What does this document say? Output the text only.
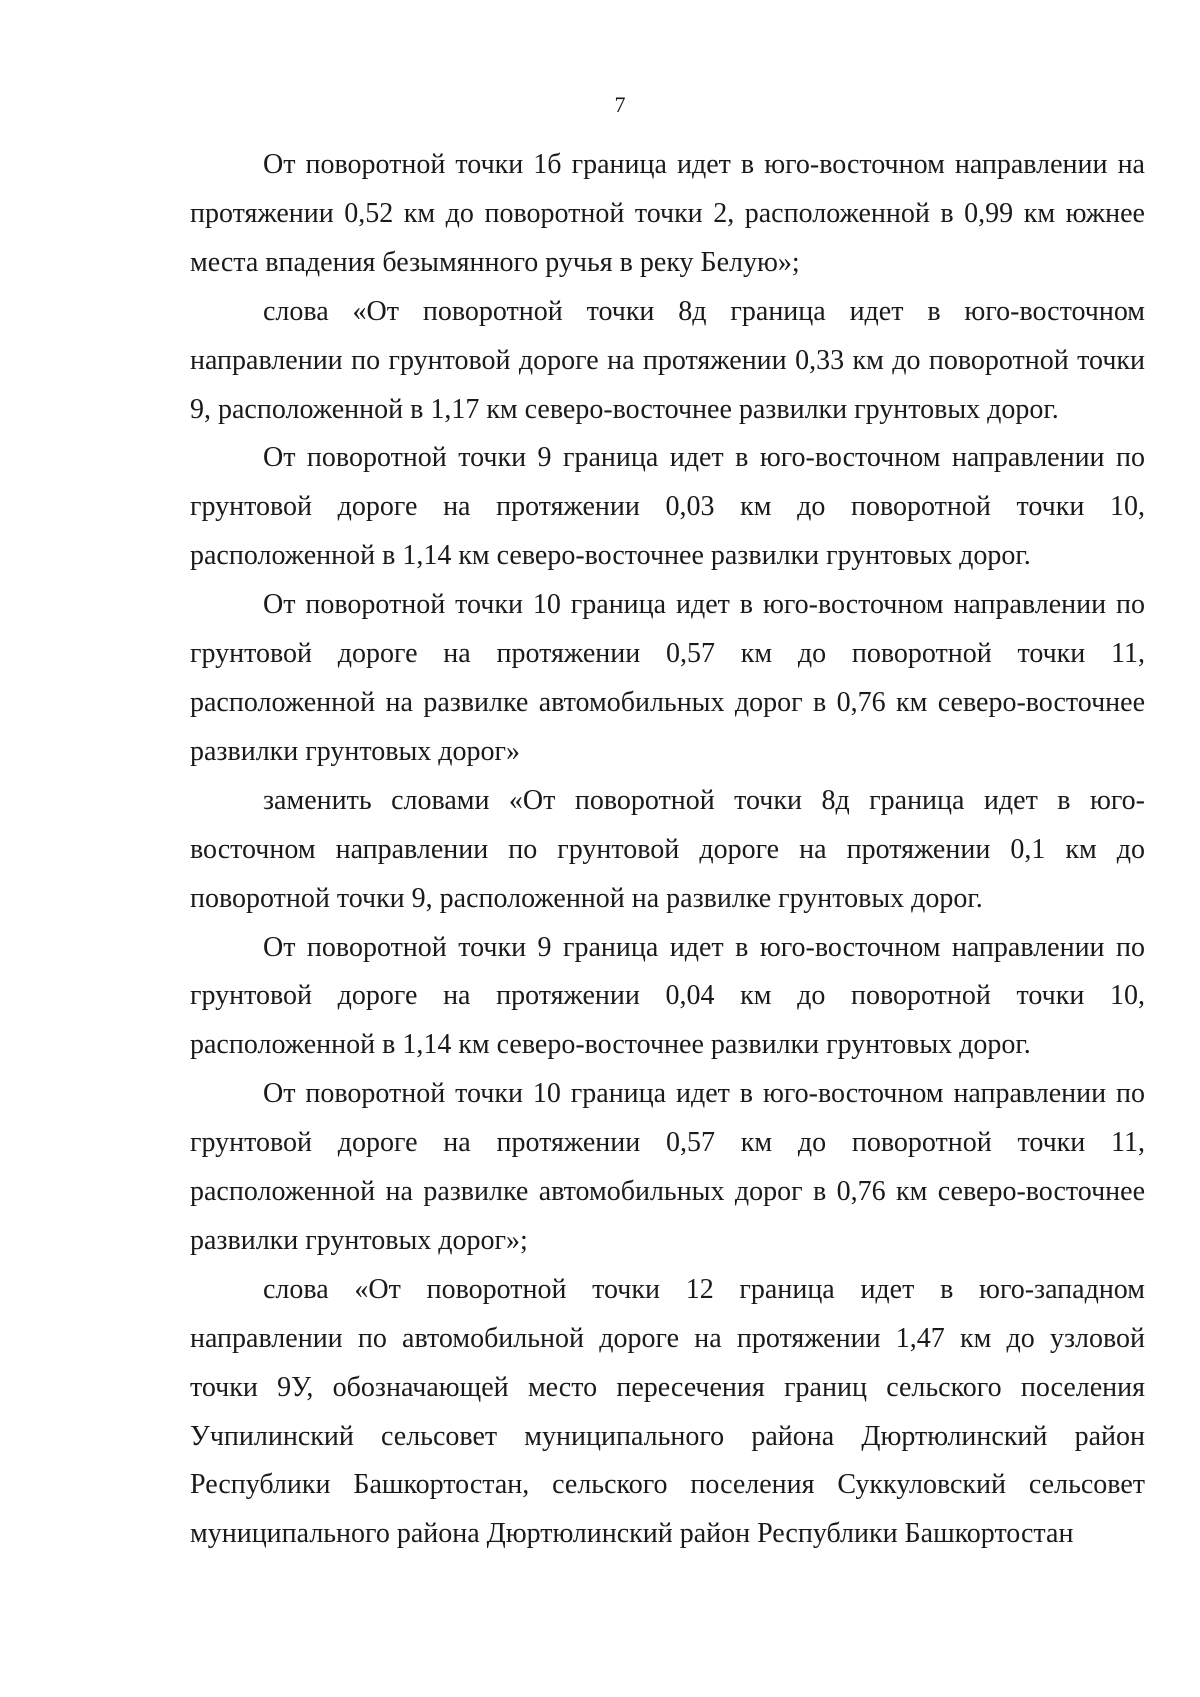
7

От поворотной точки 1б граница идет в юго-восточном направлении на протяжении 0,52 км до поворотной точки 2, расположенной в 0,99 км южнее места впадения безымянного ручья в реку Белую»;

слова «От поворотной точки 8д граница идет в юго-восточном направлении по грунтовой дороге на протяжении 0,33 км до поворотной точки 9, расположенной в 1,17 км северо-восточнее развилки грунтовых дорог.

От поворотной точки 9 граница идет в юго-восточном направлении по грунтовой дороге на протяжении 0,03 км до поворотной точки 10, расположенной в 1,14 км северо-восточнее развилки грунтовых дорог.

От поворотной точки 10 граница идет в юго-восточном направлении по грунтовой дороге на протяжении 0,57 км до поворотной точки 11, расположенной на развилке автомобильных дорог в 0,76 км северо-восточнее развилки грунтовых дорог»

заменить словами «От поворотной точки 8д граница идет в юго-восточном направлении по грунтовой дороге на протяжении 0,1 км до поворотной точки 9, расположенной на развилке грунтовых дорог.

От поворотной точки 9 граница идет в юго-восточном направлении по грунтовой дороге на протяжении 0,04 км до поворотной точки 10, расположенной в 1,14 км северо-восточнее развилки грунтовых дорог.

От поворотной точки 10 граница идет в юго-восточном направлении по грунтовой дороге на протяжении 0,57 км до поворотной точки 11, расположенной на развилке автомобильных дорог в 0,76 км северо-восточнее развилки грунтовых дорог»;

слова «От поворотной точки 12 граница идет в юго-западном направлении по автомобильной дороге на протяжении 1,47 км до узловой точки 9У, обозначающей место пересечения границ сельского поселения Учпилинский сельсовет муниципального района Дюртюлинский район Республики Башкортостан, сельского поселения Суккуловский сельсовет муниципального района Дюртюлинский район Республики Башкортостан
